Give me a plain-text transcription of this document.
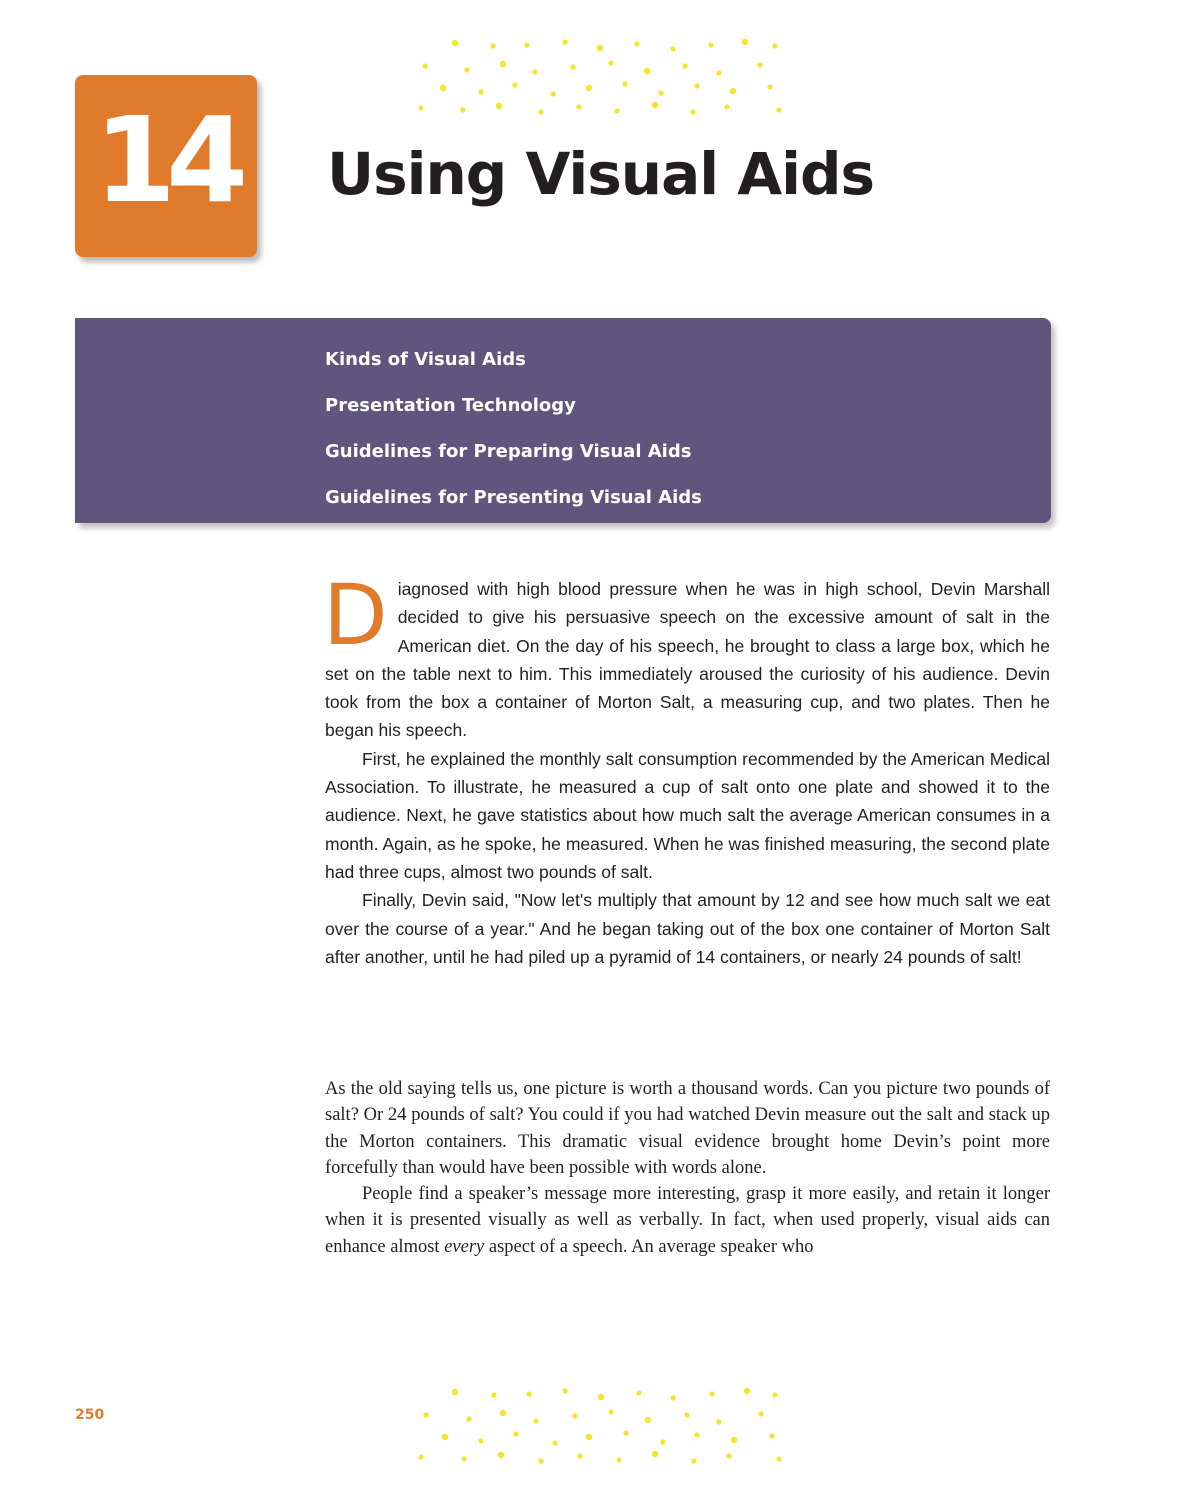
14 Using Visual Aids
Kinds of Visual Aids
Presentation Technology
Guidelines for Preparing Visual Aids
Guidelines for Presenting Visual Aids

Diagnosed with high blood pressure when he was in high school, Devin Marshall decided to give his persuasive speech on the excessive amount of salt in the American diet. On the day of his speech, he brought to class a large box, which he set on the table next to him. This immediately aroused the curiosity of his audience. Devin took from the box a container of Morton Salt, a measuring cup, and two plates. Then he began his speech.

First, he explained the monthly salt consumption recommended by the American Medical Association. To illustrate, he measured a cup of salt onto one plate and showed it to the audience. Next, he gave statistics about how much salt the average American consumes in a month. Again, as he spoke, he measured. When he was finished measuring, the second plate had three cups, almost two pounds of salt.

Finally, Devin said, "Now let's multiply that amount by 12 and see how much salt we eat over the course of a year." And he began taking out of the box one container of Morton Salt after another, until he had piled up a pyramid of 14 containers, or nearly 24 pounds of salt!

As the old saying tells us, one picture is worth a thousand words. Can you picture two pounds of salt? Or 24 pounds of salt? You could if you had watched Devin measure out the salt and stack up the Morton containers. This dramatic visual evidence brought home Devin’s point more forcefully than would have been possible with words alone.

People find a speaker’s message more interesting, grasp it more easily, and retain it longer when it is presented visually as well as verbally. In fact, when used properly, visual aids can enhance almost every aspect of a speech. An average speaker who

250
